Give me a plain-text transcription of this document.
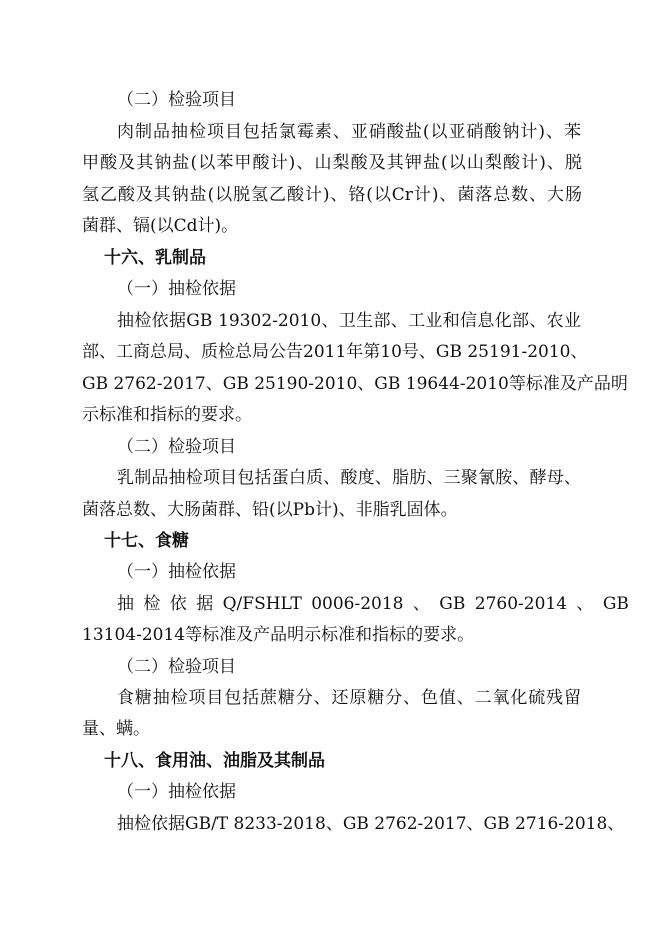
（二）检验项目
肉制品抽检项目包括氯霉素、亚硝酸盐(以亚硝酸钠计)、苯
甲酸及其钠盐(以苯甲酸计)、山梨酸及其钾盐(以山梨酸计)、脱
氢乙酸及其钠盐(以脱氢乙酸计)、铬(以Cr计)、菌落总数、大肠
菌群、镉(以Cd计)。
十六、乳制品
（一）抽检依据
抽检依据GB 19302-2010、卫生部、工业和信息化部、农业
部、工商总局、质检总局公告2011年第10号、GB 25191-2010、
GB 2762-2017、GB 25190-2010、GB 19644-2010等标准及产品明
示标准和指标的要求。
（二）检验项目
乳制品抽检项目包括蛋白质、酸度、脂肪、三聚氰胺、酵母、
菌落总数、大肠菌群、铅(以Pb计)、非脂乳固体。
十七、食糖
（一）抽检依据
抽 检 依 据 Q/FSHLT 0006-2018 、 GB 2760-2014 、 GB
13104-2014等标准及产品明示标准和指标的要求。
（二）检验项目
食糖抽检项目包括蔗糖分、还原糖分、色值、二氧化硫残留
量、螨。
十八、食用油、油脂及其制品
（一）抽检依据
抽检依据GB/T 8233-2018、GB 2762-2017、GB 2716-2018、
